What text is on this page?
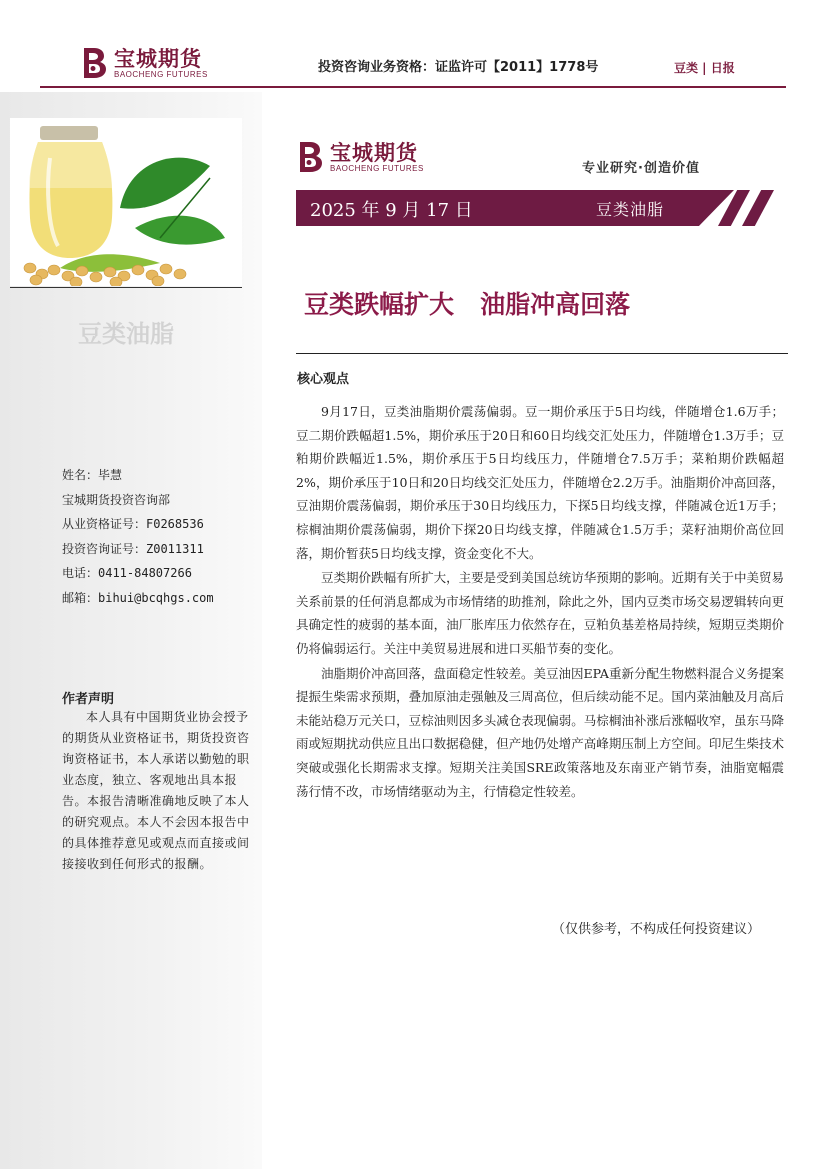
宝城期货
BAOCHENG FUTURES	投资咨询业务资格：证监许可【2011】1778号	豆类 | 日报
豆类油脂
姓名：毕慧
宝城期货投资咨询部
从业资格证号：F0268536
投资咨询证号：Z0011311
电话：0411-84807266
邮箱：bihui@bcqhgs.com
作者声明
本人具有中国期货业协会授予的期货从业资格证书，期货投资咨询资格证书，本人承诺以勤勉的职业态度，独立、客观地出具本报告。本报告清晰准确地反映了本人的研究观点。本人不会因本报告中的具体推荐意见或观点而直接或间接接收到任何形式的报酬。
宝城期货
BAOCHENG FUTURES	专业研究·创造价值
2025 年 9 月 17 日	豆类油脂
豆类跌幅扩大   油脂冲高回落
核心观点

9月17日，豆类油脂期价震荡偏弱。豆一期价承压于5日均线，伴随增仓1.6万手；豆二期价跌幅超1.5%，期价承压于20日和60日均线交汇处压力，伴随增仓1.3万手；豆粕期价跌幅近1.5%，期价承压于5日均线压力，伴随增仓7.5万手；菜粕期价跌幅超2%，期价承压于10日和20日均线交汇处压力，伴随增仓2.2万手。油脂期价冲高回落，豆油期价震荡偏弱，期价承压于30日均线压力，下探5日均线支撑，伴随减仓近1万手；棕榈油期价震荡偏弱，期价下探20日均线支撑，伴随减仓1.5万手；菜籽油期价高位回落，期价暂获5日均线支撑，资金变化不大。

豆类期价跌幅有所扩大，主要是受到美国总统访华预期的影响。近期有关于中美贸易关系前景的任何消息都成为市场情绪的助推剂，除此之外，国内豆类市场交易逻辑转向更具确定性的疲弱的基本面，油厂胀库压力依然存在，豆粕负基差格局持续，短期豆类期价仍将偏弱运行。关注中美贸易进展和进口买船节奏的变化。

油脂期价冲高回落，盘面稳定性较差。美豆油因EPA重新分配生物燃料混合义务提案提振生柴需求预期，叠加原油走强触及三周高位，但后续动能不足。国内菜油触及月高后未能站稳万元关口，豆棕油则因多头减仓表现偏弱。马棕榈油补涨后涨幅收窄，虽东马降雨或短期扰动供应且出口数据稳健，但产地仍处增产高峰期压制上方空间。印尼生柴技术突破或强化长期需求支撑。短期关注美国SRE政策落地及东南亚产销节奏，油脂宽幅震荡行情不改，市场情绪驱动为主，行情稳定性较差。

（仅供参考，不构成任何投资建议）
